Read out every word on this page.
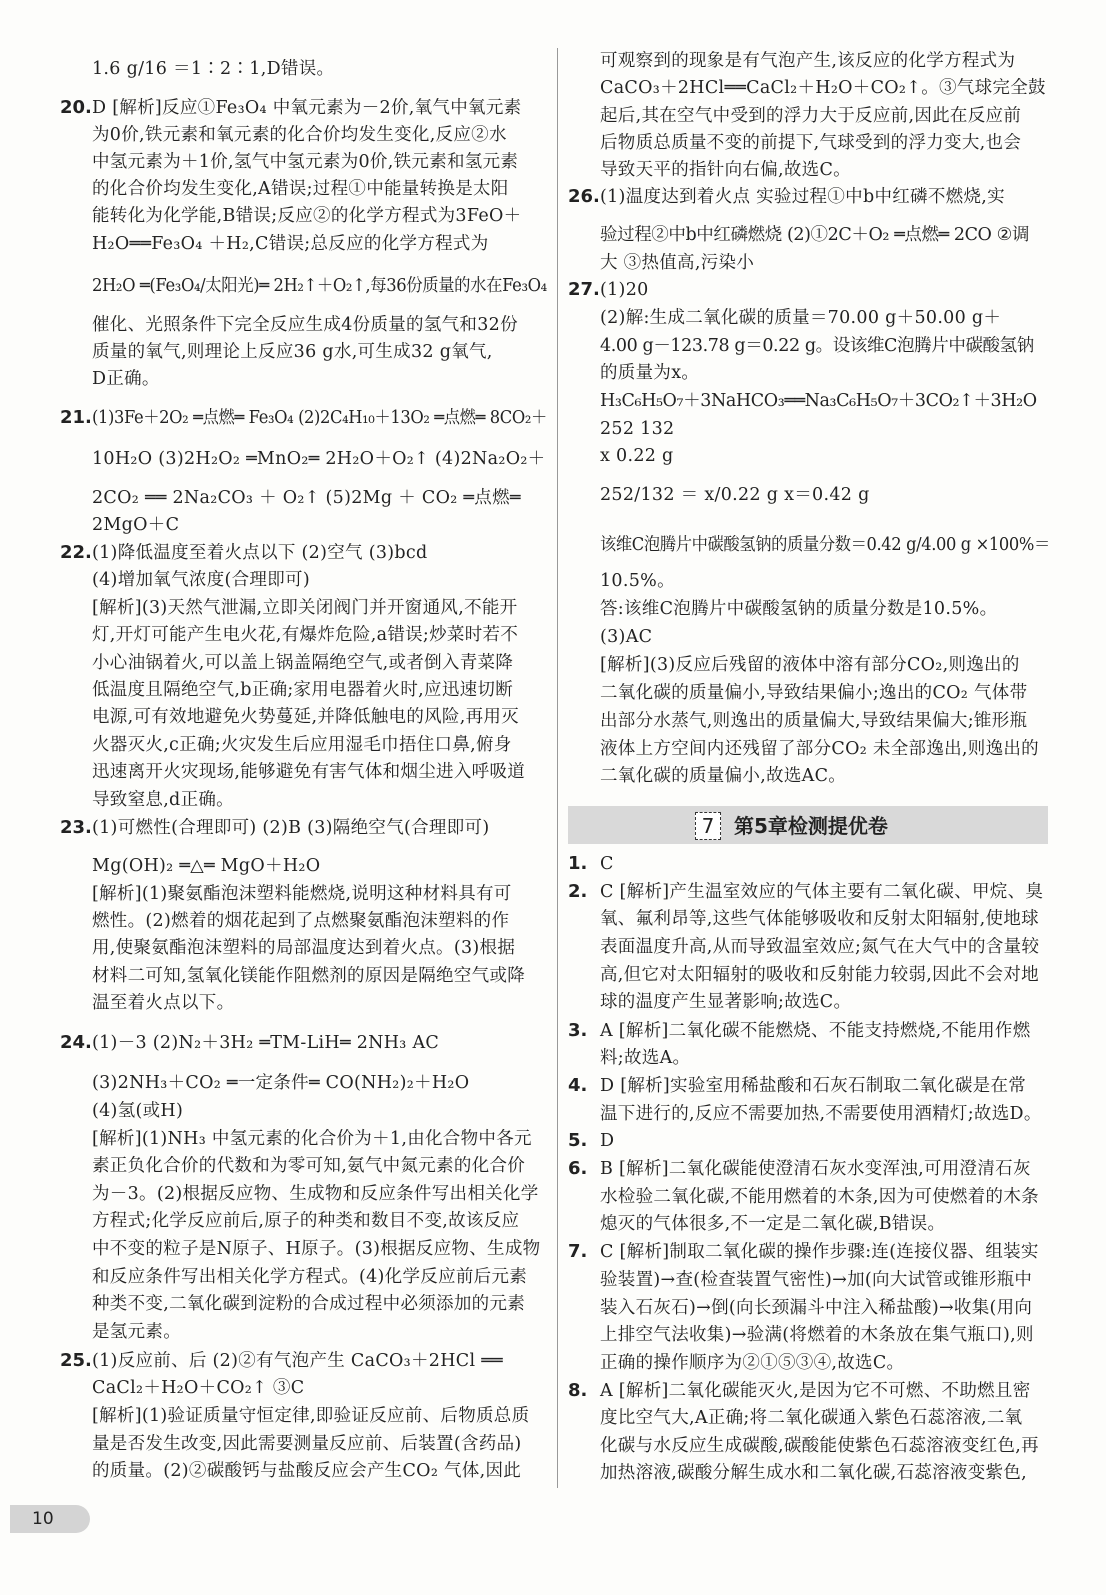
1.6 g/16 ＝1∶2∶1,D错误。
20. D [解析]反应①Fe₃O₄ 中氧元素为－2价,氧气中氧元素
为0价,铁元素和氧元素的化合价均发生变化,反应②水
中氢元素为＋1价,氢气中氢元素为0价,铁元素和氢元素
的化合价均发生变化,A错误;过程①中能量转换是太阳
能转化为化学能,B错误;反应②的化学方程式为3FeO＋
H₂O══Fe₃O₄ ＋H₂,C错误;总反应的化学方程式为
2H₂O ═(Fe₃O₄/太阳光)═ 2H₂↑＋O₂↑,每36份质量的水在Fe₃O₄
催化、光照条件下完全反应生成4份质量的氢气和32份
质量的氧气,则理论上反应36 g水,可生成32 g氧气,
D正确。
21. (1)3Fe＋2O₂ ═点燃═ Fe₃O₄ (2)2C₄H₁₀＋13O₂ ═点燃═ 8CO₂＋
10H₂O (3)2H₂O₂ ═MnO₂═ 2H₂O＋O₂↑ (4)2Na₂O₂＋
2CO₂ ══ 2Na₂CO₃ ＋ O₂↑ (5)2Mg ＋ CO₂ ═点燃═
2MgO＋C
22. (1)降低温度至着火点以下 (2)空气 (3)bcd
(4)增加氧气浓度(合理即可)
[解析](3)天然气泄漏,立即关闭阀门并开窗通风,不能开
灯,开灯可能产生电火花,有爆炸危险,a错误;炒菜时若不
小心油锅着火,可以盖上锅盖隔绝空气,或者倒入青菜降
低温度且隔绝空气,b正确;家用电器着火时,应迅速切断
电源,可有效地避免火势蔓延,并降低触电的风险,再用灭
火器灭火,c正确;火灾发生后应用湿毛巾捂住口鼻,俯身
迅速离开火灾现场,能够避免有害气体和烟尘进入呼吸道
导致窒息,d正确。
23. (1)可燃性(合理即可) (2)B (3)隔绝空气(合理即可)
Mg(OH)₂ ═△═ MgO＋H₂O
[解析](1)聚氨酯泡沫塑料能燃烧,说明这种材料具有可
燃性。(2)燃着的烟花起到了点燃聚氨酯泡沫塑料的作
用,使聚氨酯泡沫塑料的局部温度达到着火点。(3)根据
材料二可知,氢氧化镁能作阻燃剂的原因是隔绝空气或降
温至着火点以下。
24. (1)－3 (2)N₂＋3H₂ ═TM-LiH═ 2NH₃ AC
(3)2NH₃＋CO₂ ═一定条件═ CO(NH₂)₂＋H₂O
(4)氢(或H)
[解析](1)NH₃ 中氢元素的化合价为＋1,由化合物中各元
素正负化合价的代数和为零可知,氨气中氮元素的化合价
为－3。(2)根据反应物、生成物和反应条件写出相关化学
方程式;化学反应前后,原子的种类和数目不变,故该反应
中不变的粒子是N原子、H原子。(3)根据反应物、生成物
和反应条件写出相关化学方程式。(4)化学反应前后元素
种类不变,二氧化碳到淀粉的合成过程中必须添加的元素
是氢元素。
25. (1)反应前、后 (2)②有气泡产生 CaCO₃＋2HCl ══
CaCl₂＋H₂O＋CO₂↑ ③C
[解析](1)验证质量守恒定律,即验证反应前、后物质总质
量是否发生改变,因此需要测量反应前、后装置(含药品)
的质量。(2)②碳酸钙与盐酸反应会产生CO₂ 气体,因此
可观察到的现象是有气泡产生,该反应的化学方程式为
CaCO₃＋2HCl══CaCl₂＋H₂O＋CO₂↑。③气球完全鼓
起后,其在空气中受到的浮力大于反应前,因此在反应前
后物质总质量不变的前提下,气球受到的浮力变大,也会
导致天平的指针向右偏,故选C。
26. (1)温度达到着火点 实验过程①中b中红磷不燃烧,实
验过程②中b中红磷燃烧 (2)①2C＋O₂ ═点燃═ 2CO ②调
大 ③热值高,污染小
27. (1)20
(2)解:生成二氧化碳的质量＝70.00 g＋50.00 g＋
4.00 g－123.78 g＝0.22 g。设该维C泡腾片中碳酸氢钠
的质量为x。
H₃C₆H₅O₇＋3NaHCO₃══Na₃C₆H₅O₇＋3CO₂↑＋3H₂O
252 132
x 0.22 g
252/132 ＝ x/0.22 g x＝0.42 g
该维C泡腾片中碳酸氢钠的质量分数＝0.42 g/4.00 g ×100%＝
10.5%。
答:该维C泡腾片中碳酸氢钠的质量分数是10.5%。
(3)AC
[解析](3)反应后残留的液体中溶有部分CO₂,则逸出的
二氧化碳的质量偏小,导致结果偏小;逸出的CO₂ 气体带
出部分水蒸气,则逸出的质量偏大,导致结果偏大;锥形瓶
液体上方空间内还残留了部分CO₂ 未全部逸出,则逸出的
二氧化碳的质量偏小,故选AC。
1. C
2. C [解析]产生温室效应的气体主要有二氧化碳、甲烷、臭
氧、氟利昂等,这些气体能够吸收和反射太阳辐射,使地球
表面温度升高,从而导致温室效应;氮气在大气中的含量较
高,但它对太阳辐射的吸收和反射能力较弱,因此不会对地
球的温度产生显著影响;故选C。
3. A [解析]二氧化碳不能燃烧、不能支持燃烧,不能用作燃
料;故选A。
4. D [解析]实验室用稀盐酸和石灰石制取二氧化碳是在常
温下进行的,反应不需要加热,不需要使用酒精灯;故选D。
5. D
6. B [解析]二氧化碳能使澄清石灰水变浑浊,可用澄清石灰
水检验二氧化碳,不能用燃着的木条,因为可使燃着的木条
熄灭的气体很多,不一定是二氧化碳,B错误。
7. C [解析]制取二氧化碳的操作步骤:连(连接仪器、组装实
验装置)→查(检查装置气密性)→加(向大试管或锥形瓶中
装入石灰石)→倒(向长颈漏斗中注入稀盐酸)→收集(用向
上排空气法收集)→验满(将燃着的木条放在集气瓶口),则
正确的操作顺序为②①⑤③④,故选C。
8. A [解析]二氧化碳能灭火,是因为它不可燃、不助燃且密
度比空气大,A正确;将二氧化碳通入紫色石蕊溶液,二氧
化碳与水反应生成碳酸,碳酸能使紫色石蕊溶液变红色,再
加热溶液,碳酸分解生成水和二氧化碳,石蕊溶液变紫色,
7 第5章检测提优卷
10
